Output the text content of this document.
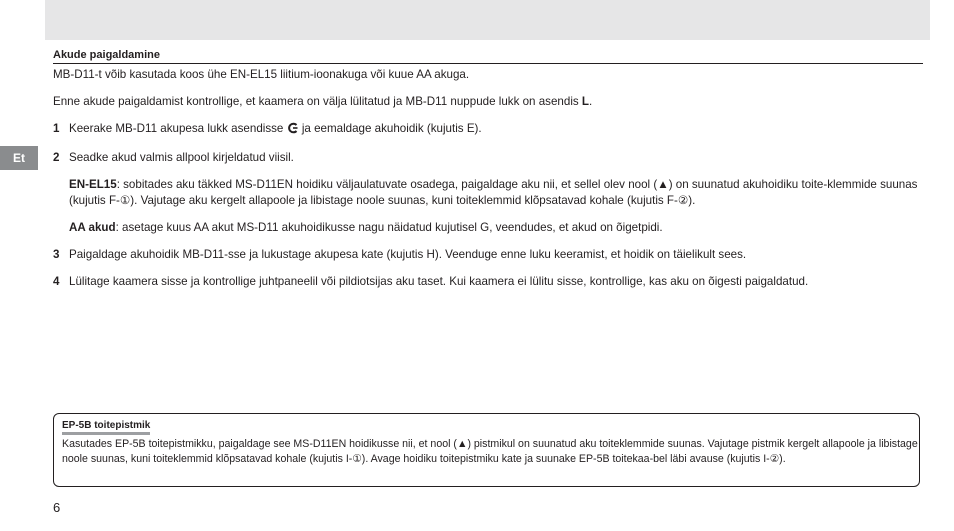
Et
Akude paigaldamine

MB-D11-t võib kasutada koos ühe EN-EL15 liitium-ioonakuga või kuue AA akuga.

Enne akude paigaldamist kontrollige, et kaamera on välja lülitatud ja MB-D11 nuppude lukk on asendis L.

1 Keerake MB-D11 akupesa lukk asendisse  ja eemaldage akuhoidik (kujutis E).
2 Seadke akud valmis allpool kirjeldatud viisil.
EN-EL15: sobitades aku täkked MS-D11EN hoidiku väljaulatuvate osadega, paigaldage aku nii, et sellel olev nool (▲) on suunatud akuhoidiku toite-klemmide suunas (kujutis F-①). Vajutage aku kergelt allapoole ja libistage noole suunas, kuni toiteklemmid klõpsatavad kohale (kujutis F-②).
AA akud: asetage kuus AA akut MS-D11 akuhoidikusse nagu näidatud kujutisel G, veendudes, et akud on õigetpidi.
3 Paigaldage akuhoidik MB-D11-sse ja lukustage akupesa kate (kujutis H). Veenduge enne luku keeramist, et hoidik on täielikult sees.
4 Lülitage kaamera sisse ja kontrollige juhtpaneelil või pildiotsijas aku taset. Kui kaamera ei lülitu sisse, kontrollige, kas aku on õigesti paigaldatud.
EP-5B toitepistmik
Kasutades EP-5B toitepistmikku, paigaldage see MS-D11EN hoidikusse nii, et nool (▲) pistmikul on suunatud aku toiteklemmide suunas. Vajutage pistmik kergelt allapoole ja libistage noole suunas, kuni toiteklemmid klõpsatavad kohale (kujutis I-①). Avage hoidiku toitepistmiku kate ja suunake EP-5B toitekaa-bel läbi avause (kujutis I-②).
6
